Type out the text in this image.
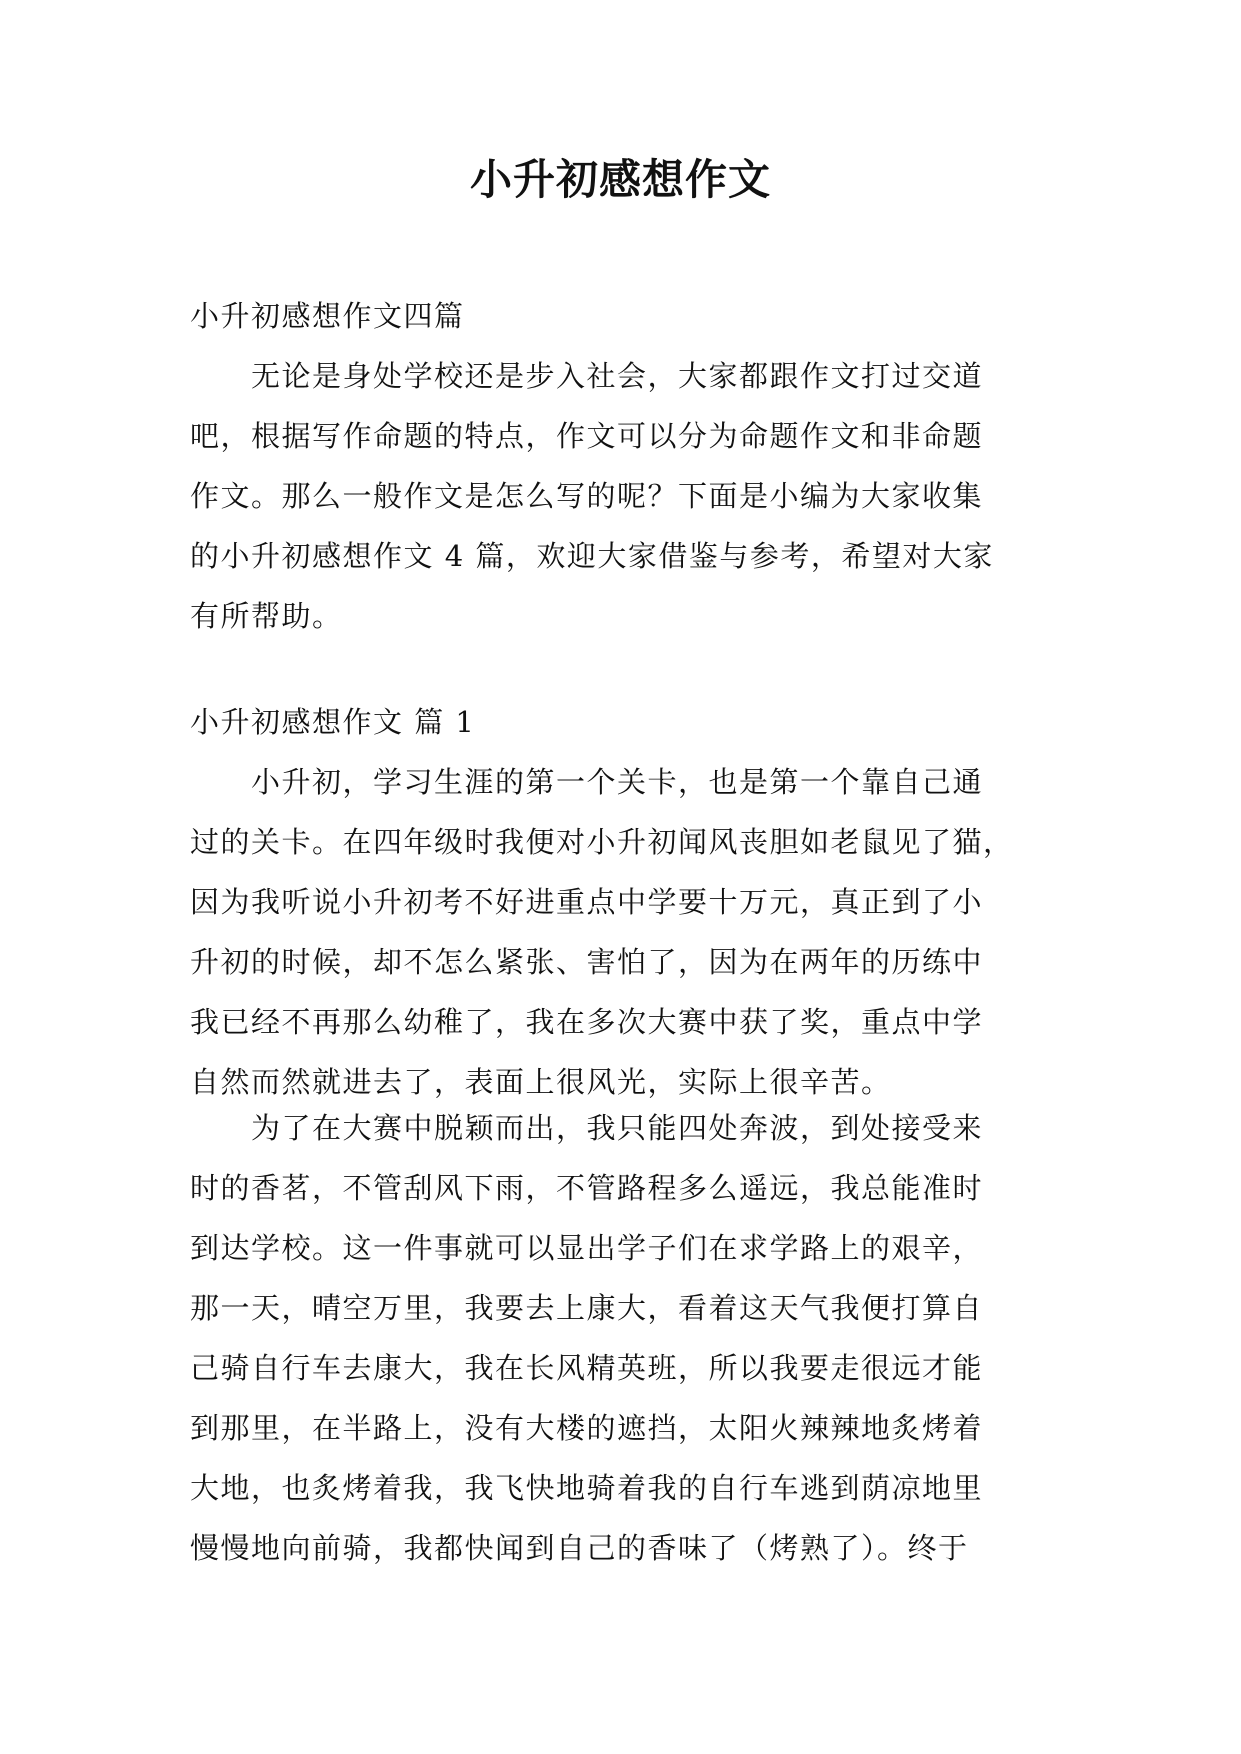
小升初感想作文
小升初感想作文四篇
　　无论是身处学校还是步入社会，大家都跟作文打过交道
吧，根据写作命题的特点，作文可以分为命题作文和非命题
作文。那么一般作文是怎么写的呢？下面是小编为大家收集
的小升初感想作文 4 篇，欢迎大家借鉴与参考，希望对大家
有所帮助。
小升初感想作文 篇 1
　　小升初，学习生涯的第一个关卡，也是第一个靠自己通
过的关卡。在四年级时我便对小升初闻风丧胆如老鼠见了猫，
因为我听说小升初考不好进重点中学要十万元，真正到了小
升初的时候，却不怎么紧张、害怕了，因为在两年的历练中
我已经不再那么幼稚了，我在多次大赛中获了奖，重点中学
自然而然就进去了，表面上很风光，实际上很辛苦。
　　为了在大赛中脱颖而出，我只能四处奔波，到处接受来
时的香茗，不管刮风下雨，不管路程多么遥远，我总能准时
到达学校。这一件事就可以显出学子们在求学路上的艰辛，
那一天，晴空万里，我要去上康大，看着这天气我便打算自
己骑自行车去康大，我在长风精英班，所以我要走很远才能
到那里，在半路上，没有大楼的遮挡，太阳火辣辣地炙烤着
大地，也炙烤着我，我飞快地骑着我的自行车逃到荫凉地里
慢慢地向前骑，我都快闻到自己的香味了（烤熟了）。终于
